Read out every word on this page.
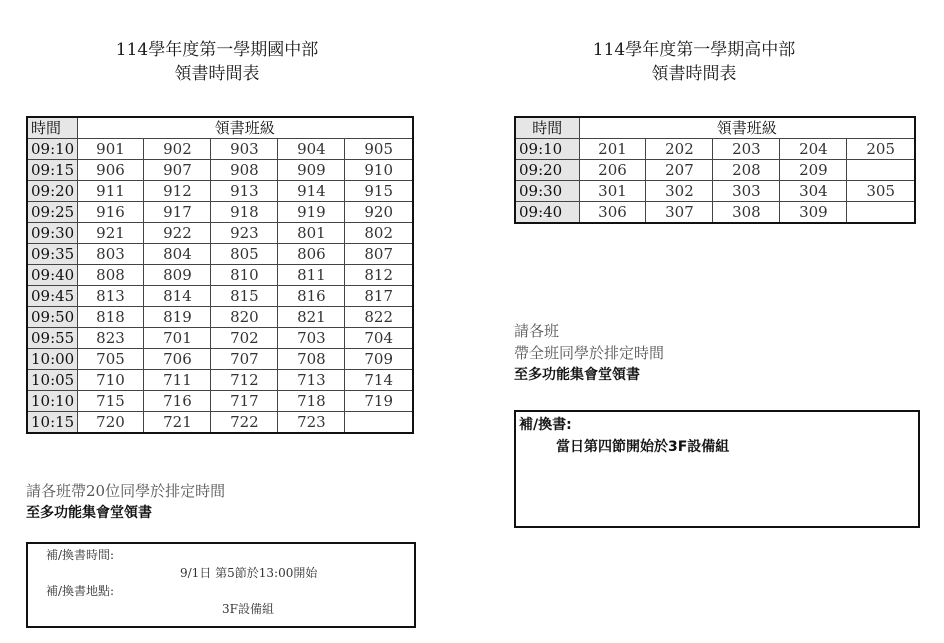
114學年度第一學期國中部
領書時間表
時間	領書班級				
09:10	901	902	903	904	905
09:15	906	907	908	909	910
09:20	911	912	913	914	915
09:25	916	917	918	919	920
09:30	921	922	923	801	802
09:35	803	804	805	806	807
09:40	808	809	810	811	812
09:45	813	814	815	816	817
09:50	818	819	820	821	822
09:55	823	701	702	703	704
10:00	705	706	707	708	709
10:05	710	711	712	713	714
10:10	715	716	717	718	719
10:15	720	721	722	723	
請各班帶20位同學於排定時間
至多功能集會堂領書
補/換書時間:
9/1日 第5節於13:00開始
補/換書地點:
3F設備組
114學年度第一學期高中部
領書時間表
時間	領書班級				
09:10	201	202	203	204	205
09:20	206	207	208	209	
09:30	301	302	303	304	305
09:40	306	307	308	309	
請各班
帶全班同學於排定時間
至多功能集會堂領書
補/換書:
當日第四節開始於3F設備組
